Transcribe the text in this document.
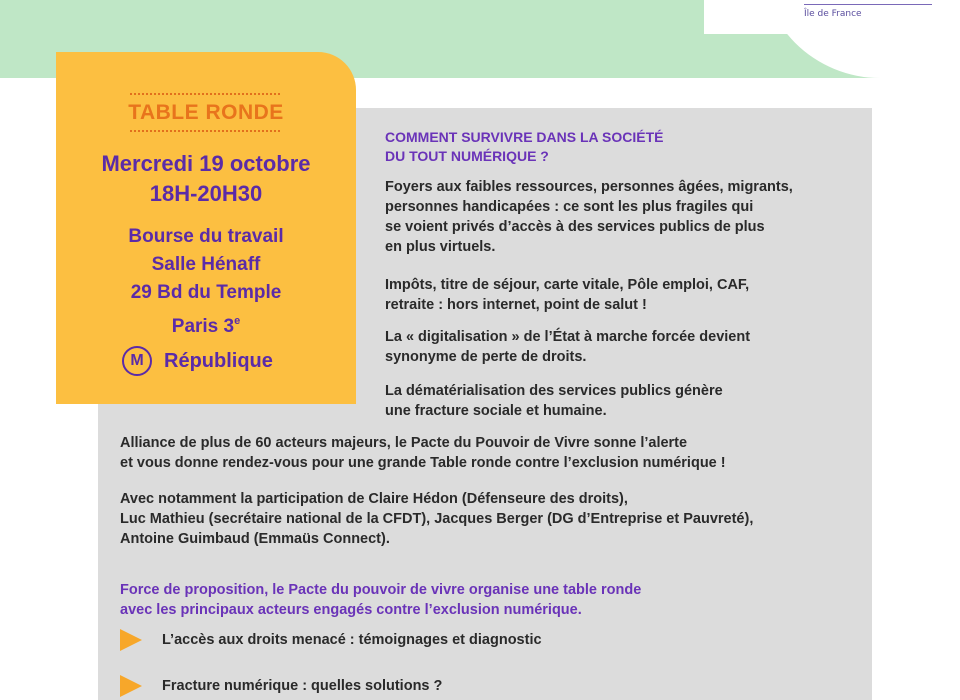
Île de France
TABLE RONDE
Mercredi 19 octobre
18H-20H30
Bourse du travail
Salle Hénaff
29 Bd du Temple
Paris 3e
M République
COMMENT SURVIVRE DANS LA SOCIÉTÉ
DU TOUT NUMÉRIQUE ?
Foyers aux faibles ressources, personnes âgées, migrants,
personnes handicapées : ce sont les plus fragiles qui
se voient privés d’accès à des services publics de plus
en plus virtuels.
Impôts, titre de séjour, carte vitale, Pôle emploi, CAF,
retraite : hors internet, point de salut !
La « digitalisation » de l’État à marche forcée devient
synonyme de perte de droits.
La dématérialisation des services publics génère
une fracture sociale et humaine.
Alliance de plus de 60 acteurs majeurs, le Pacte du Pouvoir de Vivre sonne l’alerte
et vous donne rendez-vous pour une grande Table ronde contre l’exclusion numérique !
Avec notamment la participation de Claire Hédon (Défenseure des droits),
Luc Mathieu (secrétaire national de la CFDT), Jacques Berger (DG d’Entreprise et Pauvreté),
Antoine Guimbaud (Emmaüs Connect).
Force de proposition, le Pacte du pouvoir de vivre organise une table ronde
avec les principaux acteurs engagés contre l’exclusion numérique.
L’accès aux droits menacé : témoignages et diagnostic
Fracture numérique : quelles solutions ?
